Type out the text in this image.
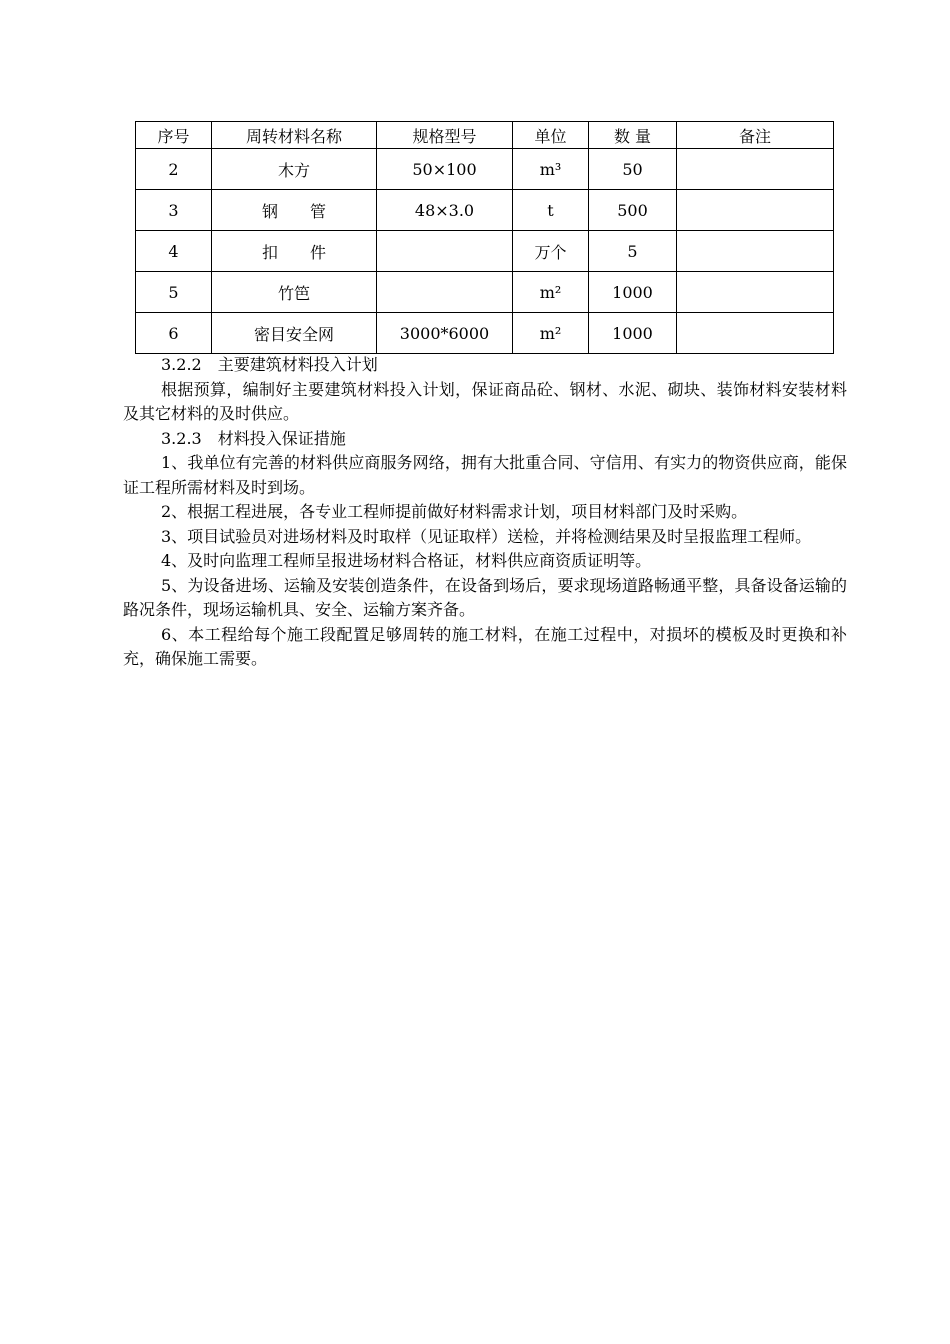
序号	周转材料名称	规格型号	单位	数 量	备注
2	木方	50×100	m³	50	
3	钢　　管	48×3.0	t	500	
4	扣　　件		万个	5	
5	竹笆		m²	1000	
6	密目安全网	3000*6000	m²	1000	

3.2.2　主要建筑材料投入计划

根据预算，编制好主要建筑材料投入计划，保证商品砼、钢材、水泥、砌块、装饰材料安装材料及其它材料的及时供应。

3.2.3　材料投入保证措施

1、我单位有完善的材料供应商服务网络，拥有大批重合同、守信用、有实力的物资供应商，能保证工程所需材料及时到场。

2、根据工程进展，各专业工程师提前做好材料需求计划，项目材料部门及时采购。

3、项目试验员对进场材料及时取样（见证取样）送检，并将检测结果及时呈报监理工程师。

4、及时向监理工程师呈报进场材料合格证，材料供应商资质证明等。

5、为设备进场、运输及安装创造条件，在设备到场后，要求现场道路畅通平整，具备设备运输的路况条件，现场运输机具、安全、运输方案齐备。

6、本工程给每个施工段配置足够周转的施工材料，在施工过程中，对损坏的模板及时更换和补充，确保施工需要。
